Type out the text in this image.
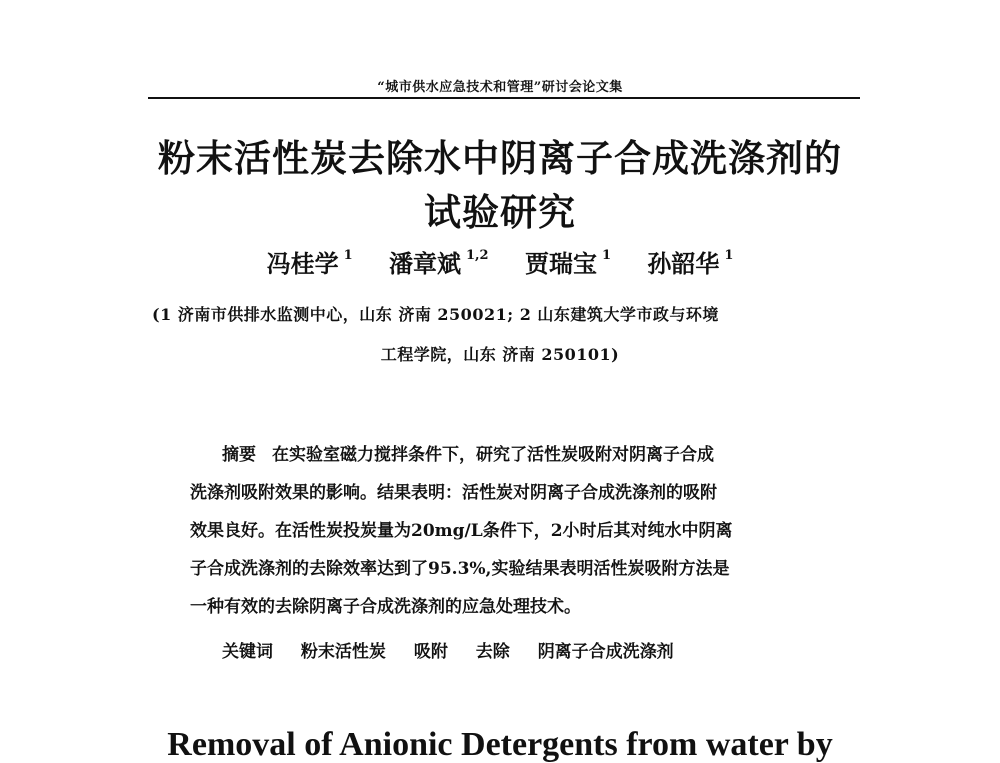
“城市供水应急技术和管理”研讨会论文集
粉末活性炭去除水中阴离子合成洗涤剂的
试验研究
冯桂学 $^1$ 潘章斌 $^{1,2}$ 贾瑞宝 $^1$ 孙韶华 $^1$
(1 济南市供排水监测中心，山东 济南 250021; 2 山东建筑大学市政与环境
工程学院，山东 济南 250101)
摘要 在实验室磁力搅拌条件下，研究了活性炭吸附对阴离子合成
洗涤剂吸附效果的影响。结果表明：活性炭对阴离子合成洗涤剂的吸附
效果良好。在活性炭投炭量为20mg/L条件下，2小时后其对纯水中阴离
子合成洗涤剂的去除效率达到了95.3%,实验结果表明活性炭吸附方法是
一种有效的去除阴离子合成洗涤剂的应急处理技术。
关键词 粉末活性炭 吸附 去除 阴离子合成洗涤剂
Removal of Anionic Detergents from water by
